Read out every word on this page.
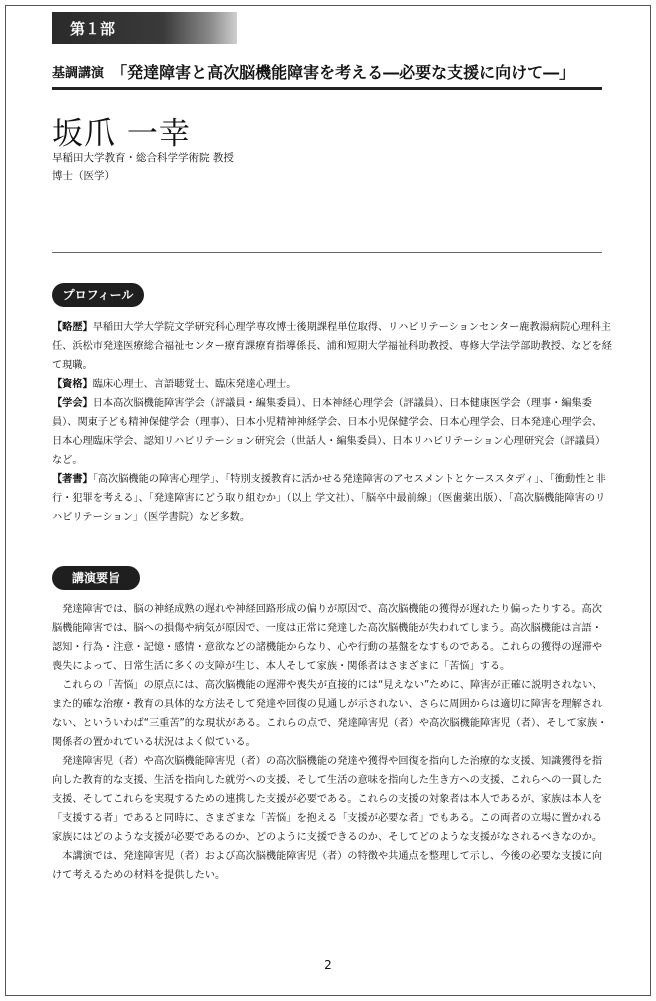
第１部
基調講演 「発達障害と高次脳機能障害を考える―必要な支援に向けて―」
坂爪 一幸
早稲田大学教育・総合科学学術院 教授
博士（医学）
プロフィール

【略歴】早稲田大学大学院文学研究科心理学専攻博士後期課程単位取得、リハビリテーションセンター鹿教湯病院心理科主任、浜松市発達医療総合福祉センター療育課療育指導係長、浦和短期大学福祉科助教授、専修大学法学部助教授、などを経て現職。

【資格】臨床心理士、言語聴覚士、臨床発達心理士。

【学会】日本高次脳機能障害学会（評議員・編集委員）、日本神経心理学会（評議員）、日本健康医学会（理事・編集委員）、関東子ども精神保健学会（理事）、日本小児精神神経学会、日本小児保健学会、日本心理学会、日本発達心理学会、日本心理臨床学会、認知リハビリテーション研究会（世話人・編集委員）、日本リハビリテーション心理研究会（評議員）など。

【著書】「高次脳機能の障害心理学」、「特別支援教育に活かせる発達障害のアセスメントとケーススタディ」、「衝動性と非行・犯罪を考える」、「発達障害にどう取り組むか」（以上 学文社）、「脳卒中最前線」（医歯薬出版）、「高次脳機能障害のリハビリテーション」（医学書院）など多数。

講演要旨

発達障害では、脳の神経成熟の遅れや神経回路形成の偏りが原因で、高次脳機能の獲得が遅れたり偏ったりする。高次脳機能障害では、脳への損傷や病気が原因で、一度は正常に発達した高次脳機能が失われてしまう。高次脳機能は言語・認知・行為・注意・記憶・感情・意欲などの諸機能からなり、心や行動の基盤をなすものである。これらの獲得の遅滞や喪失によって、日常生活に多くの支障が生じ、本人そして家族・関係者はさまざまに「苦悩」する。

これらの「苦悩」の原点には、高次脳機能の遅滞や喪失が直接的には“見えない”ために、障害が正確に説明されない、また的確な治療・教育の具体的な方法そして発達や回復の見通しが示されない、さらに周囲からは適切に障害を理解されない、といういわば“三重苦”的な現状がある。これらの点で、発達障害児（者）や高次脳機能障害児（者）、そして家族・関係者の置かれている状況はよく似ている。

発達障害児（者）や高次脳機能障害児（者）の高次脳機能の発達や獲得や回復を指向した治療的な支援、知識獲得を指向した教育的な支援、生活を指向した就労への支援、そして生活の意味を指向した生き方への支援、これらへの一貫した支援、そしてこれらを実現するための連携した支援が必要である。これらの支援の対象者は本人であるが、家族は本人を「支援する者」であると同時に、さまざまな「苦悩」を抱える「支援が必要な者」でもある。この両者の立場に置かれる家族にはどのような支援が必要であるのか、どのように支援できるのか、そしてどのような支援がなされるべきなのか。

本講演では、発達障害児（者）および高次脳機能障害児（者）の特徴や共通点を整理して示し、今後の必要な支援に向けて考えるための材料を提供したい。

2
